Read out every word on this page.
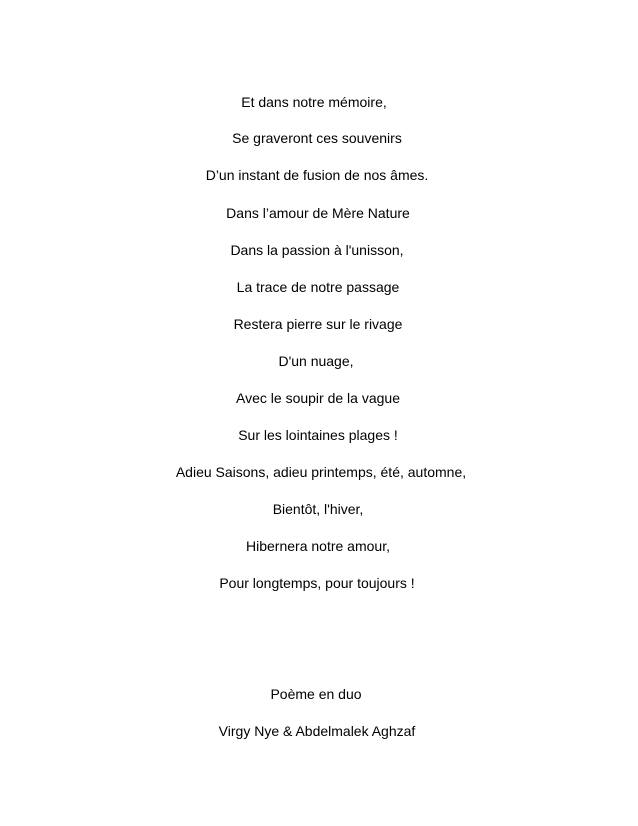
Et dans notre mémoire,
Se graveront ces souvenirs
D’un instant de fusion de nos âmes.
Dans l’amour de Mère Nature
Dans la passion à l'unisson,
La trace de notre passage
Restera pierre sur le rivage
D'un nuage,
Avec le soupir de la vague
Sur les lointaines plages !
Adieu Saisons, adieu printemps, été, automne,
Bientôt, l'hiver,
Hibernera notre amour,
Pour longtemps, pour toujours !
Poème en duo
Virgy Nye & Abdelmalek Aghzaf
